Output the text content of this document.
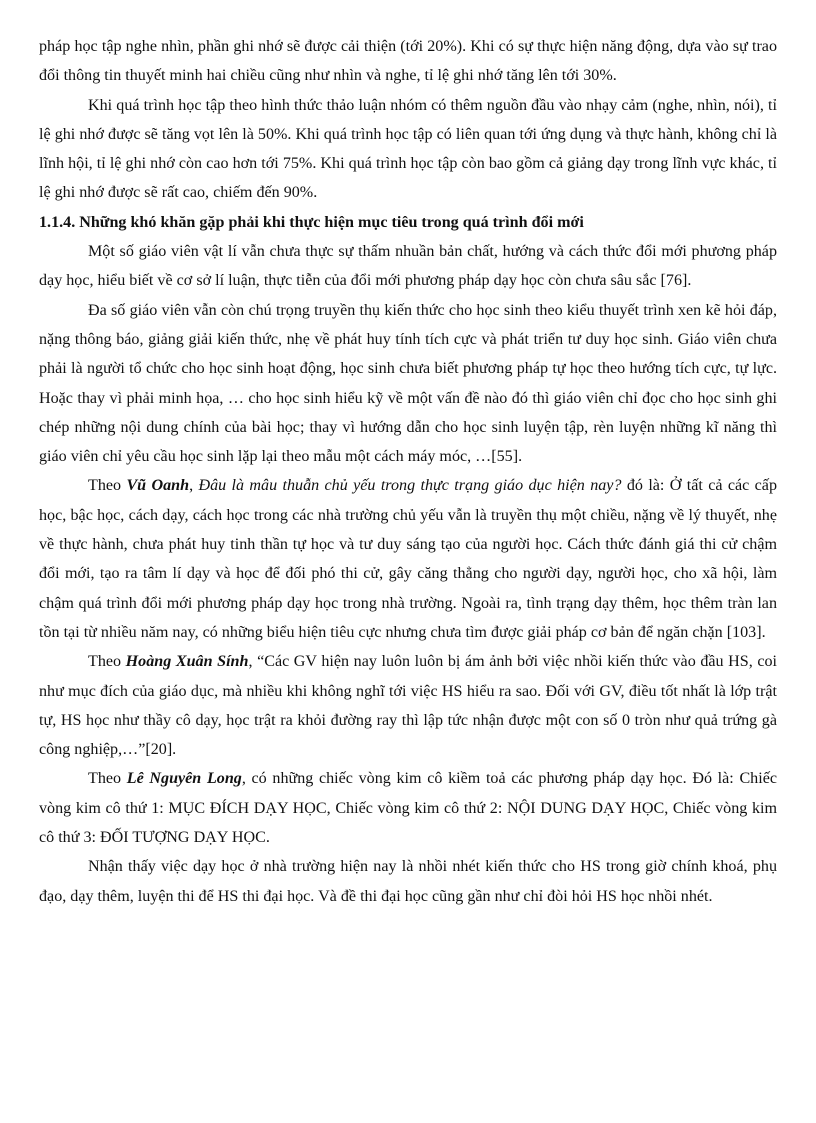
pháp học tập nghe nhìn, phần ghi nhớ sẽ được cải thiện (tới 20%). Khi có sự thực hiện năng động, dựa vào sự trao đổi thông tin thuyết minh hai chiều cũng như nhìn và nghe, tỉ lệ ghi nhớ tăng lên tới 30%.

Khi quá trình học tập theo hình thức thảo luận nhóm có thêm nguồn đầu vào nhạy cảm (nghe, nhìn, nói), tỉ lệ ghi nhớ được sẽ tăng vọt lên là 50%. Khi quá trình học tập có liên quan tới ứng dụng và thực hành, không chỉ là lĩnh hội, tỉ lệ ghi nhớ còn cao hơn tới 75%. Khi quá trình học tập còn bao gồm cả giảng dạy trong lĩnh vực khác, tỉ lệ ghi nhớ được sẽ rất cao, chiếm đến 90%.

1.1.4. Những khó khăn gặp phải khi thực hiện mục tiêu trong quá trình đổi mới

Một số giáo viên vật lí vẫn chưa thực sự thấm nhuần bản chất, hướng và cách thức đổi mới phương pháp dạy học, hiểu biết về cơ sở lí luận, thực tiễn của đổi mới phương pháp dạy học còn chưa sâu sắc [76].

Đa số giáo viên vẫn còn chú trọng truyền thụ kiến thức cho học sinh theo kiểu thuyết trình xen kẽ hỏi đáp, nặng thông báo, giảng giải kiến thức, nhẹ về phát huy tính tích cực và phát triển tư duy học sinh. Giáo viên chưa phải là người tổ chức cho học sinh hoạt động, học sinh chưa biết phương pháp tự học theo hướng tích cực, tự lực. Hoặc thay vì phải minh họa, … cho học sinh hiểu kỹ về một vấn đề nào đó thì giáo viên chỉ đọc cho học sinh ghi chép những nội dung chính của bài học; thay vì hướng dẫn cho học sinh luyện tập, rèn luyện những kĩ năng thì giáo viên chỉ yêu cầu học sinh lặp lại theo mẫu một cách máy móc, …[55].

Theo Vũ Oanh, Đâu là mâu thuẫn chủ yếu trong thực trạng giáo dục hiện nay? đó là: Ở tất cả các cấp học, bậc học, cách dạy, cách học trong các nhà trường chủ yếu vẫn là truyền thụ một chiều, nặng về lý thuyết, nhẹ về thực hành, chưa phát huy tinh thần tự học và tư duy sáng tạo của người học. Cách thức đánh giá thi cử chậm đổi mới, tạo ra tâm lí dạy và học để đối phó thi cử, gây căng thẳng cho người dạy, người học, cho xã hội, làm chậm quá trình đổi mới phương pháp dạy học trong nhà trường. Ngoài ra, tình trạng dạy thêm, học thêm tràn lan tồn tại từ nhiều năm nay, có những biểu hiện tiêu cực nhưng chưa tìm được giải pháp cơ bản để ngăn chặn [103].

Theo Hoàng Xuân Sính, “Các GV hiện nay luôn luôn bị ám ảnh bởi việc nhồi kiến thức vào đầu HS, coi như mục đích của giáo dục, mà nhiều khi không nghĩ tới việc HS hiểu ra sao. Đối với GV, điều tốt nhất là lớp trật tự, HS học như thầy cô dạy, học trật ra khỏi đường ray thì lập tức nhận được một con số 0 tròn như quả trứng gà công nghiệp,…”[20].

Theo Lê Nguyên Long, có những chiếc vòng kim cô kiềm toả các phương pháp dạy học. Đó là: Chiếc vòng kim cô thứ 1: MỤC ĐÍCH DẠY HỌC, Chiếc vòng kim cô thứ 2: NỘI DUNG DẠY HỌC, Chiếc vòng kim cô thứ 3: ĐỐI TƯỢNG DẠY HỌC.

Nhận thấy việc dạy học ở nhà trường hiện nay là nhồi nhét kiến thức cho HS trong giờ chính khoá, phụ đạo, dạy thêm, luyện thi để HS thi đại học. Và đề thi đại học cũng gần như chỉ đòi hỏi HS học nhồi nhét.
